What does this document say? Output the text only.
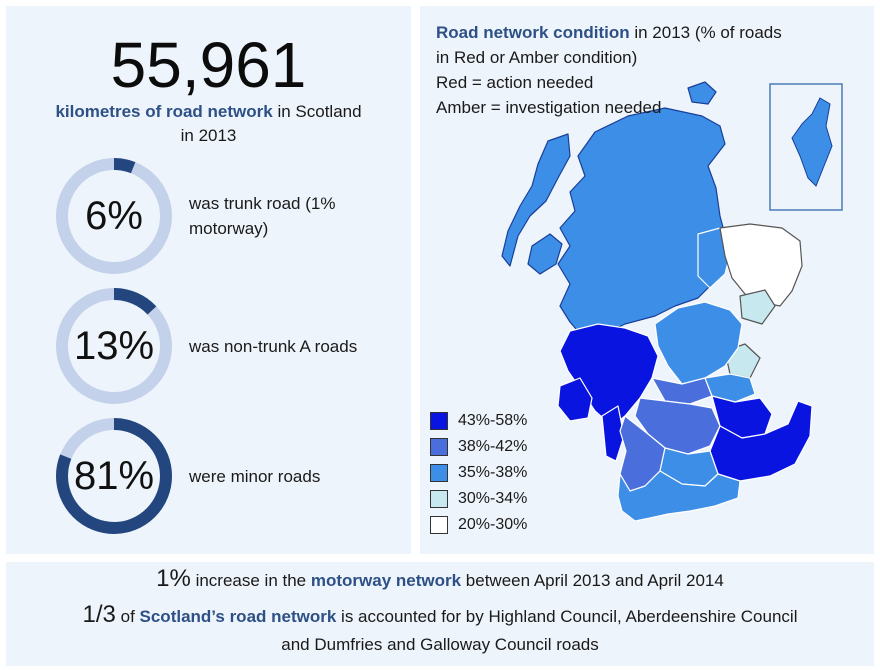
55,961
kilometres of road network in Scotland
in 2013
6%	was trunk road (1% motorway)
13%	was non-trunk A roads
81%	were minor roads
Road network condition in 2013 (% of roads
in Red or Amber condition)
Red = action needed
Amber = investigation needed
43%-58%
38%-42%
35%-38%
30%-34%
20%-30%
1% increase in the motorway network between April 2013 and April 2014
1/3 of Scotland’s road network is accounted for by Highland Council, Aberdeenshire Council
and Dumfries and Galloway Council roads
